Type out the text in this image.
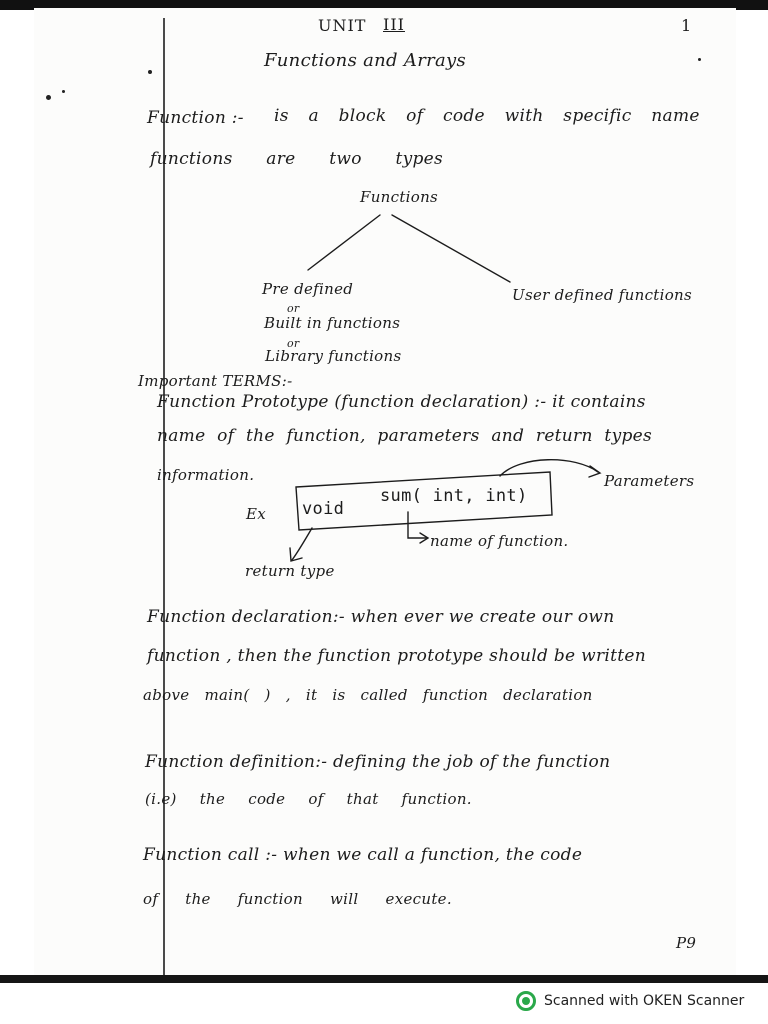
UNIT III	1
Functions and Arrays
Function :- is a block of code with specific name
functions are two types
Functions
Pre defined
or
Built in functions
or
Library functions
User defined functions
Important TERMS:-
Function Prototype (function declaration) :- it contains
name of the function, parameters and return types
information.
Ex void
sum( int, int)
Parameters
name of function.
return type
Function declaration:- when ever we create our own
function , then the function prototype should be written
above main( ) , it is called function declaration
Function definition:- defining the job of the function
(i.e) the code of that function.
Function call :- when we call a function, the code
of the function will execute.
P9
Scanned with OKEN Scanner
